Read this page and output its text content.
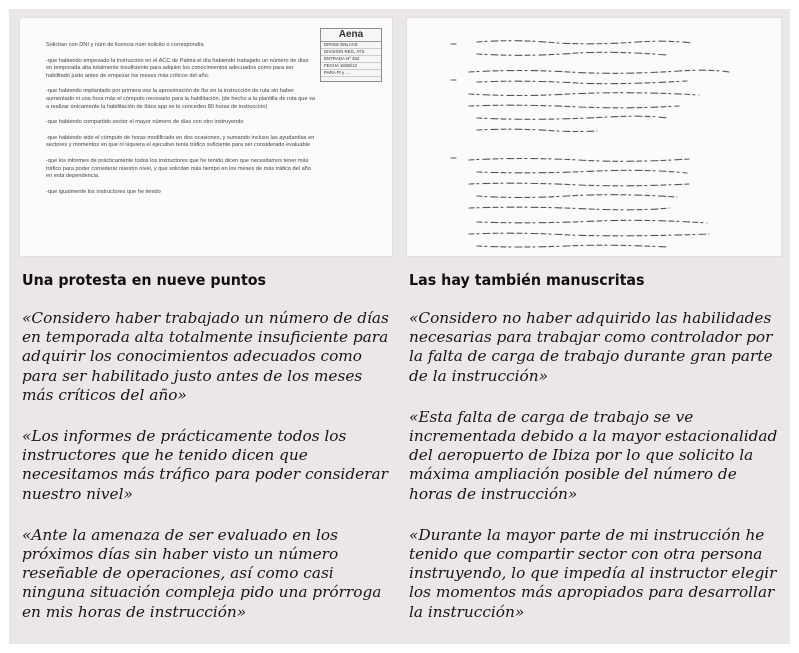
Aena
DIRIGE ENLACE
DIVISION REG. ATS
ENTRADA Nº 452
FECHA 18/06/12
PARA PI y ...

Solicitan con DNI y núm de licencia núm solicito o correspondía

-que habiendo empezado la instrucción en el ACC de Palma el día habiendo trabajado un número de días en temporada alta totalmente insuficiente para adquirir los conocimientos adecuados como para ser habilitado justo antes de empezar los meses más críticos del año.

-que habiendo implantado por primera vez la aproximación de Ibz en la instrucción de ruta sin haber aumentado ni una hora más el cómputo necesario para la habilitación. (de hecho a la plantilla de ruta que va a realizar únicamente la habilitación de Ibiza app se le conceden 80 horas de instrucción)

-que habiendo compartido sector el mayor número de días con otro instruyendo

-que habiendo sido el cómputo de horas modificado en dos ocasiones, y sumando incluso las ayudantías en sectores y momentos en que ni siquiera el ejecutivo tenía tráfico suficiente para ser considerado evaluable

-que los informes de prácticamente todos los instructores que he tenido dicen que necesitamos tener más tráfico para poder considerar nuestro nivel, y que solicitan más tiempo en los meses de más tráfico del año en esta dependencia.

-que igualmente los instructores que he tenido

Una protesta en nueve puntos

«Considero haber trabajado un número de días en temporada alta totalmente insuficiente para adquirir los conocimientos adecuados como para ser habilitado justo antes de los meses más críticos del año»

«Los informes de prácticamente todos los instructores que he tenido dicen que necesitamos más tráfico para poder considerar nuestro nivel»

«Ante la amenaza de ser evaluado en los próximos días sin haber visto un número reseñable de operaciones, así como casi ninguna situación compleja pido una prórroga en mis horas de instrucción»

Las hay también manuscritas

«Considero no haber adquirido las habilidades necesarias para trabajar como controlador por la falta de carga de trabajo durante gran parte de la instrucción»

«Esta falta de carga de trabajo se ve incrementada debido a la mayor estacionalidad del aeropuerto de Ibiza por lo que solicito la máxima ampliación posible del número de horas de instrucción»

«Durante la mayor parte de mi instrucción he tenido que compartir sector con otra persona instruyendo, lo que impedía al instructor elegir los momentos más apropiados para desarrollar la instrucción»
